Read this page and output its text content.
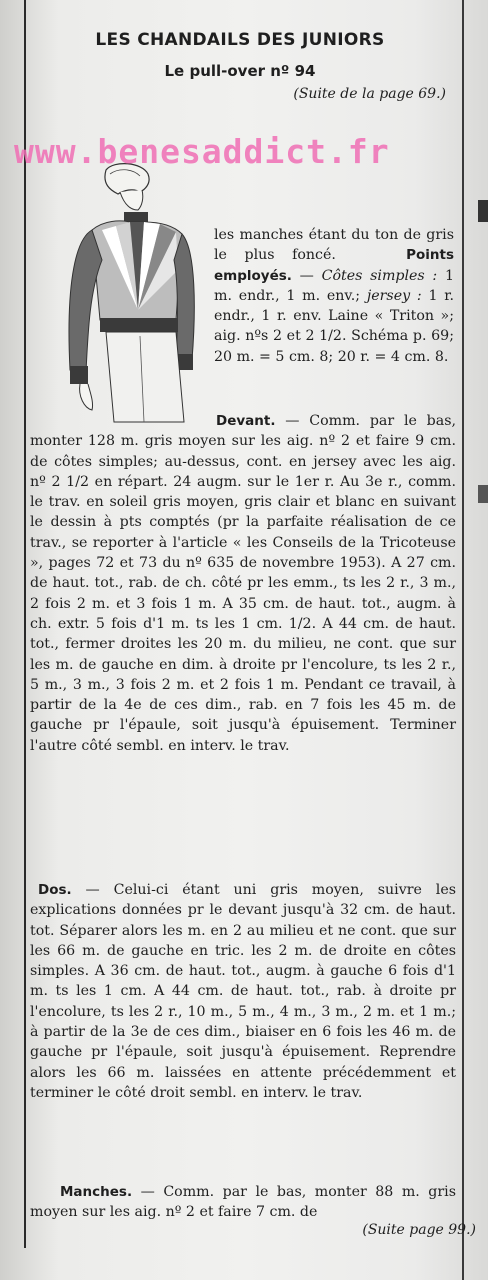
LES CHANDAILS DES JUNIORS
Le pull-over nº 94
(Suite de la page 69.)
www.benesaddict.fr
les manches étant du ton de gris le plus foncé.	Points employés. — Côtes simples : 1 m. endr., 1 m. env.; jersey : 1 r. endr., 1 r. env. Laine « Triton »; aig. nºs 2 et 2 1/2. Schéma p. 69; 20 m. = 5 cm. 8; 20 r. = 4 cm. 8.
Devant. — Comm. par le bas, monter 128 m. gris moyen sur les aig. nº 2 et faire 9 cm. de côtes simples; au-dessus, cont. en jersey avec les aig. nº 2 1/2 en répart. 24 augm. sur le 1er r. Au 3e r., comm. le trav. en soleil gris moyen, gris clair et blanc en suivant le dessin à pts comptés (pr la parfaite réalisation de ce trav., se reporter à l'article « les Conseils de la Tricoteuse », pages 72 et 73 du nº 635 de novembre 1953). A 27 cm. de haut. tot., rab. de ch. côté pr les emm., ts les 2 r., 3 m., 2 fois 2 m. et 3 fois 1 m. A 35 cm. de haut. tot., augm. à ch. extr. 5 fois d'1 m. ts les 1 cm. 1/2. A 44 cm. de haut. tot., fermer droites les 20 m. du milieu, ne cont. que sur les m. de gauche en dim. à droite pr l'encolure, ts les 2 r., 5 m., 3 m., 3 fois 2 m. et 2 fois 1 m. Pendant ce travail, à partir de la 4e de ces dim., rab. en 7 fois les 45 m. de gauche pr l'épaule, soit jusqu'à épuisement. Terminer l'autre côté sembl. en interv. le trav.
Dos. — Celui-ci étant uni gris moyen, suivre les explications données pr le devant jusqu'à 32 cm. de haut. tot. Séparer alors les m. en 2 au milieu et ne cont. que sur les 66 m. de gauche en tric. les 2 m. de droite en côtes simples. A 36 cm. de haut. tot., augm. à gauche 6 fois d'1 m. ts les 1 cm. A 44 cm. de haut. tot., rab. à droite pr l'encolure, ts les 2 r., 10 m., 5 m., 4 m., 3 m., 2 m. et 1 m.; à partir de la 3e de ces dim., biaiser en 6 fois les 46 m. de gauche pr l'épaule, soit jusqu'à épuisement. Reprendre alors les 66 m. laissées en attente précédemment et terminer le côté droit sembl. en interv. le trav.
Manches. — Comm. par le bas, monter 88 m. gris moyen sur les aig. nº 2 et faire 7 cm. de
(Suite page 99.)
